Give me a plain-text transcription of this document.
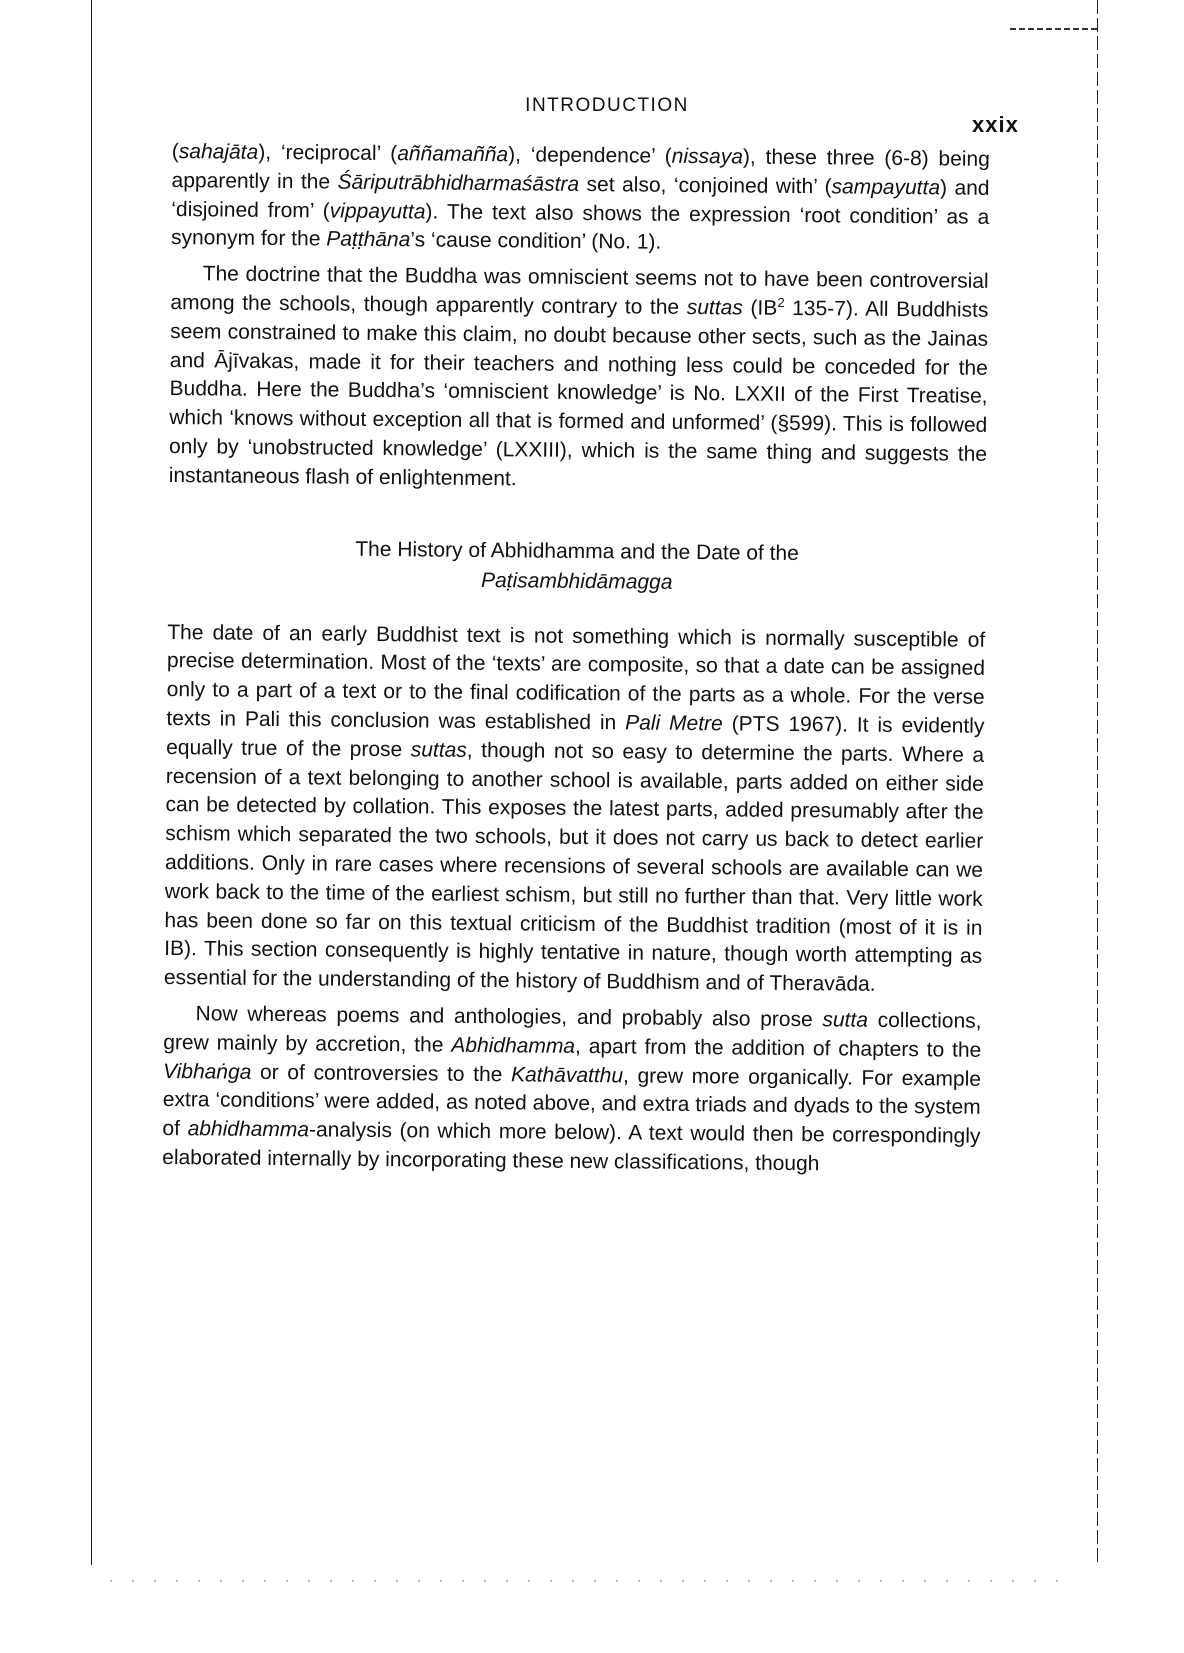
INTRODUCTION
xxix

(sahajāta), ‘reciprocal’ (aññamañña), ‘dependence’ (nissaya), these three (6-8) being apparently in the Śāriputrābhidharmaśāstra set also, ‘conjoined with’ (sampayutta) and ‘disjoined from’ (vippayutta). The text also shows the expression ‘root condition’ as a synonym for the Paṭṭhāna’s ‘cause condition’ (No. 1).

The doctrine that the Buddha was omniscient seems not to have been controversial among the schools, though apparently contrary to the suttas ($IB^2$ 135-7). All Buddhists seem constrained to make this claim, no doubt because other sects, such as the Jainas and Ājīvakas, made it for their teachers and nothing less could be conceded for the Buddha. Here the Buddha’s ‘omniscient knowledge’ is No. LXXII of the First Treatise, which ‘knows without exception all that is formed and unformed’ (§599). This is followed only by ‘unobstructed knowledge’ (LXXIII), which is the same thing and suggests the instantaneous flash of enlightenment.

The History of Abhidhamma and the Date of the
Paṭisambhidāmagga

The date of an early Buddhist text is not something which is normally susceptible of precise determination. Most of the ‘texts’ are composite, so that a date can be assigned only to a part of a text or to the final codification of the parts as a whole. For the verse texts in Pali this conclusion was established in Pali Metre (PTS 1967). It is evidently equally true of the prose suttas, though not so easy to determine the parts. Where a recension of a text belonging to another school is available, parts added on either side can be detected by collation. This exposes the latest parts, added presumably after the schism which separated the two schools, but it does not carry us back to detect earlier additions. Only in rare cases where recensions of several schools are available can we work back to the time of the earliest schism, but still no further than that. Very little work has been done so far on this textual criticism of the Buddhist tradition (most of it is in IB). This section consequently is highly tentative in nature, though worth attempting as essential for the understanding of the history of Buddhism and of Theravāda.

Now whereas poems and anthologies, and probably also prose sutta collections, grew mainly by accretion, the Abhidhamma, apart from the addition of chapters to the Vibhaṅga or of controversies to the Kathāvatthu, grew more organically. For example extra ‘conditions’ were added, as noted above, and extra triads and dyads to the system of abhidhamma-analysis (on which more below). A text would then be correspondingly elaborated internally by incorporating these new classifications, though
